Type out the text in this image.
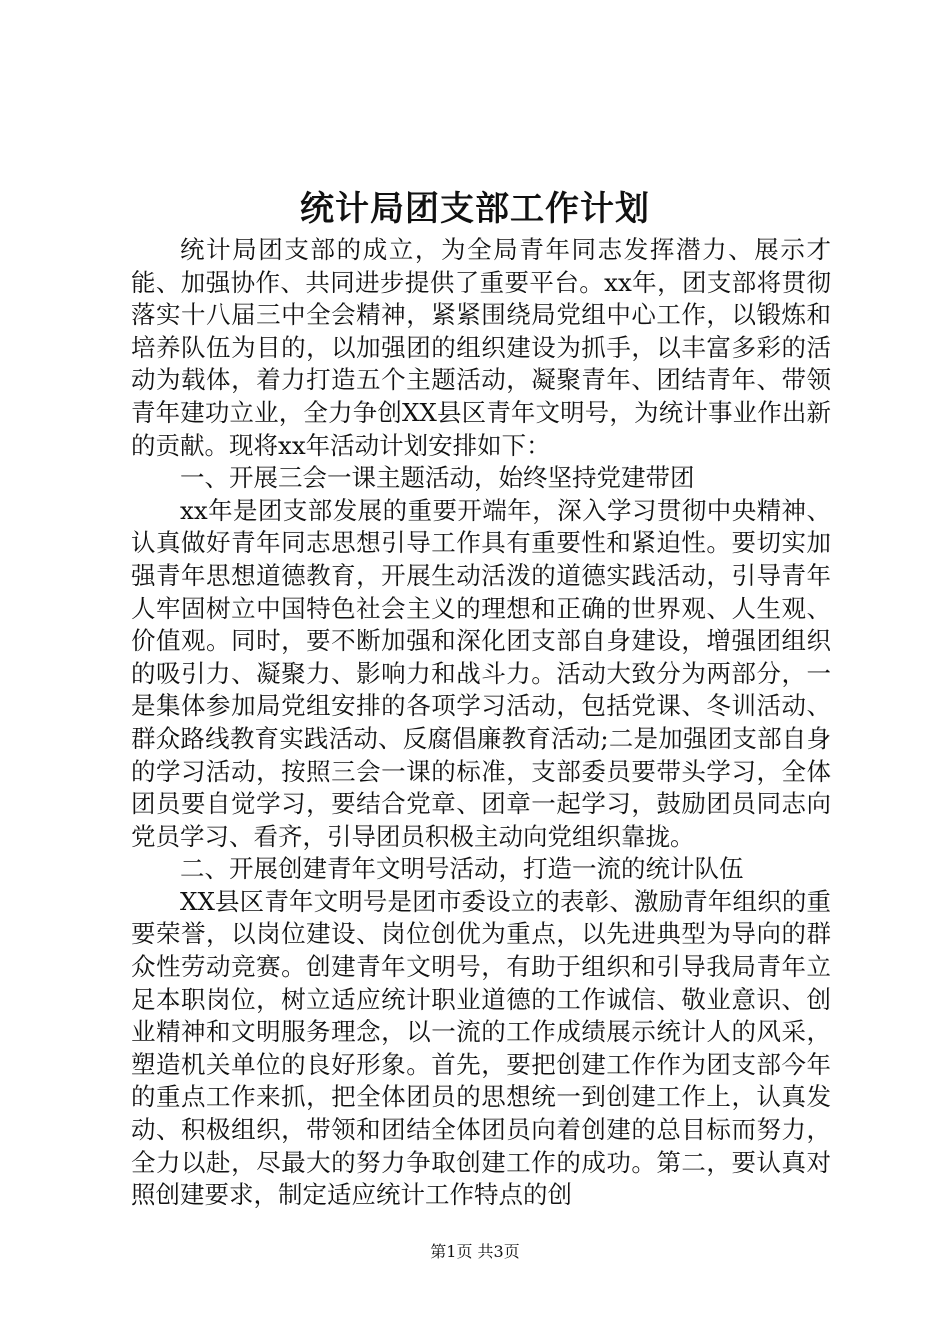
统计局团支部工作计划

统计局团支部的成立，为全局青年同志发挥潜力、展示才能、加强协作、共同进步提供了重要平台。xx年，团支部将贯彻落实十八届三中全会精神，紧紧围绕局党组中心工作，以锻炼和培养队伍为目的，以加强团的组织建设为抓手，以丰富多彩的活动为载体，着力打造五个主题活动，凝聚青年、团结青年、带领青年建功立业，全力争创XX县区青年文明号，为统计事业作出新的贡献。现将xx年活动计划安排如下：

一、开展三会一课主题活动，始终坚持党建带团

xx年是团支部发展的重要开端年，深入学习贯彻中央精神、认真做好青年同志思想引导工作具有重要性和紧迫性。要切实加强青年思想道德教育，开展生动活泼的道德实践活动，引导青年人牢固树立中国特色社会主义的理想和正确的世界观、人生观、价值观。同时，要不断加强和深化团支部自身建设，增强团组织的吸引力、凝聚力、影响力和战斗力。活动大致分为两部分，一是集体参加局党组安排的各项学习活动，包括党课、冬训活动、群众路线教育实践活动、反腐倡廉教育活动;二是加强团支部自身的学习活动，按照三会一课的标准，支部委员要带头学习，全体团员要自觉学习，要结合党章、团章一起学习，鼓励团员同志向党员学习、看齐，引导团员积极主动向党组织靠拢。

二、开展创建青年文明号活动，打造一流的统计队伍

XX县区青年文明号是团市委设立的表彰、激励青年组织的重要荣誉，以岗位建设、岗位创优为重点，以先进典型为导向的群众性劳动竞赛。创建青年文明号，有助于组织和引导我局青年立足本职岗位，树立适应统计职业道德的工作诚信、敬业意识、创业精神和文明服务理念，以一流的工作成绩展示统计人的风采，塑造机关单位的良好形象。首先，要把创建工作作为团支部今年的重点工作来抓，把全体团员的思想统一到创建工作上，认真发动、积极组织，带领和团结全体团员向着创建的总目标而努力，全力以赴，尽最大的努力争取创建工作的成功。第二，要认真对照创建要求，制定适应统计工作特点的创

第1页 共3页
